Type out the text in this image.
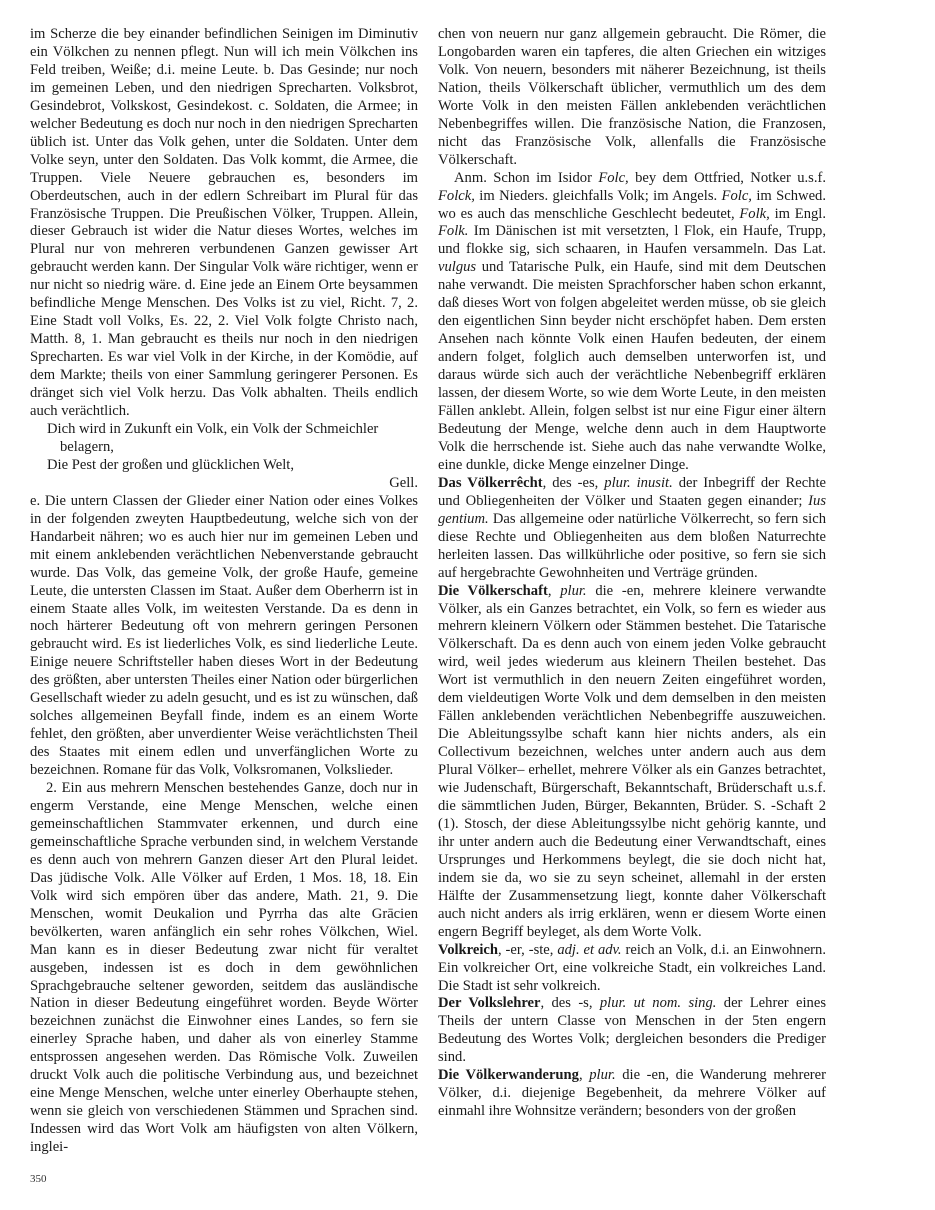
im Scherze die bey einander befindlichen Seinigen im Diminutiv ein Völkchen zu nennen pflegt. Nun will ich mein Völkchen ins Feld treiben, Weiße; d.i. meine Leute. b. Das Gesinde; nur noch im gemeinen Leben, und den niedrigen Sprecharten. Volksbrot, Gesindebrot, Volkskost, Gesindekost. c. Soldaten, die Armee; in welcher Bedeutung es doch nur noch in den niedrigen Sprecharten üblich ist. Unter das Volk gehen, unter die Soldaten. Unter dem Volke seyn, unter den Soldaten. Das Volk kommt, die Armee, die Truppen. Viele Neuere gebrauchen es, besonders im Oberdeutschen, auch in der edlern Schreibart im Plural für das Französische Truppen. Die Preußischen Völker, Truppen. Allein, dieser Gebrauch ist wider die Natur dieses Wortes, welches im Plural nur von mehreren verbundenen Ganzen gewisser Art gebraucht werden kann. Der Singular Volk wäre richtiger, wenn er nur nicht so niedrig wäre. d. Eine jede an Einem Orte beysammen befindliche Menge Menschen. Des Volks ist zu viel, Richt. 7, 2. Eine Stadt voll Volks, Es. 22, 2. Viel Volk folgte Christo nach, Matth. 8, 1. Man gebraucht es theils nur noch in den niedrigen Sprecharten. Es war viel Volk in der Kirche, in der Komödie, auf dem Markte; theils von einer Sammlung geringerer Personen. Es dränget sich viel Volk herzu. Das Volk abhalten. Theils endlich auch verächtlich.

Dich wird in Zukunft ein Volk, ein Volk der Schmeichler

belagern,

Die Pest der großen und glücklichen Welt,

Gell.

e. Die untern Classen der Glieder einer Nation oder eines Volkes in der folgenden zweyten Hauptbedeutung, welche sich von der Handarbeit nähren; wo es auch hier nur im gemeinen Leben und mit einem anklebenden verächtlichen Nebenverstande gebraucht wurde. Das Volk, das gemeine Volk, der große Haufe, gemeine Leute, die untersten Classen im Staat. Außer dem Oberherrn ist in einem Staate alles Volk, im weitesten Verstande. Da es denn in noch härterer Bedeutung oft von mehrern geringen Personen gebraucht wird. Es ist liederliches Volk, es sind liederliche Leute. Einige neuere Schriftsteller haben dieses Wort in der Bedeutung des größten, aber untersten Theiles einer Nation oder bürgerlichen Gesellschaft wieder zu adeln gesucht, und es ist zu wünschen, daß solches allgemeinen Beyfall finde, indem es an einem Worte fehlet, den größten, aber unverdienter Weise verächtlichsten Theil des Staates mit einem edlen und unverfänglichen Worte zu bezeichnen. Romane für das Volk, Volksromanen, Volkslieder.

2. Ein aus mehrern Menschen bestehendes Ganze, doch nur in engerm Verstande, eine Menge Menschen, welche einen gemeinschaftlichen Stammvater erkennen, und durch eine gemeinschaftliche Sprache verbunden sind, in welchem Verstande es denn auch von mehrern Ganzen dieser Art den Plural leidet. Das jüdische Volk. Alle Völker auf Erden, 1 Mos. 18, 18. Ein Volk wird sich empören über das andere, Math. 21, 9. Die Menschen, womit Deukalion und Pyrrha das alte Grācien bevölkerten, waren anfänglich ein sehr rohes Völkchen, Wiel. Man kann es in dieser Bedeutung zwar nicht für veraltet ausgeben, indessen ist es doch in dem gewöhnlichen Sprachgebrauche seltener geworden, seitdem das ausländische Nation in dieser Bedeutung eingeführet worden. Beyde Wörter bezeichnen zunächst die Einwohner eines Landes, so fern sie einerley Sprache haben, und daher als von einerley Stamme entsprossen angesehen werden. Das Römische Volk. Zuweilen druckt Volk auch die politische Verbindung aus, und bezeichnet eine Menge Menschen, welche unter einerley Oberhaupte stehen, wenn sie gleich von verschiedenen Stämmen und Sprachen sind. Indessen wird das Wort Volk am häufigsten von alten Völkern, inglei-

chen von neuern nur ganz allgemein gebraucht. Die Römer, die Longobarden waren ein tapferes, die alten Griechen ein witziges Volk. Von neuern, besonders mit näherer Bezeichnung, ist theils Nation, theils Völkerschaft üblicher, vermuthlich um des dem Worte Volk in den meisten Fällen anklebenden verächtlichen Nebenbegriffes willen. Die französische Nation, die Franzosen, nicht das Französische Volk, allenfalls die Französische Völkerschaft.

Anm. Schon im Isidor Folc, bey dem Ottfried, Notker u.s.f. Folck, im Nieders. gleichfalls Volk; im Angels. Folc, im Schwed. wo es auch das menschliche Geschlecht bedeutet, Folk, im Engl. Folk. Im Dänischen ist mit versetzten, l Flok, ein Haufe, Trupp, und flokke sig, sich schaaren, in Haufen versammeln. Das Lat. vulgus und Tatarische Pulk, ein Haufe, sind mit dem Deutschen nahe verwandt. Die meisten Sprachforscher haben schon erkannt, daß dieses Wort von folgen abgeleitet werden müsse, ob sie gleich den eigentlichen Sinn beyder nicht erschöpfet haben. Dem ersten Ansehen nach könnte Volk einen Haufen bedeuten, der einem andern folget, folglich auch demselben unterworfen ist, und daraus würde sich auch der verächtliche Nebenbegriff erklären lassen, der diesem Worte, so wie dem Worte Leute, in den meisten Fällen anklebt. Allein, folgen selbst ist nur eine Figur einer ältern Bedeutung der Menge, welche denn auch in dem Hauptworte Volk die herrschende ist. Siehe auch das nahe verwandte Wolke, eine dunkle, dicke Menge einzelner Dinge.

Das Völkerrêcht, des -es, plur. inusit. der Inbegriff der Rechte und Obliegenheiten der Völker und Staaten gegen einander; Ius gentium. Das allgemeine oder natürliche Völkerrecht, so fern sich diese Rechte und Obliegenheiten aus dem bloßen Naturrechte herleiten lassen. Das willkührliche oder positive, so fern sie sich auf hergebrachte Gewohnheiten und Verträge gründen.

Die Völkerschaft, plur. die -en, mehrere kleinere verwandte Völker, als ein Ganzes betrachtet, ein Volk, so fern es wieder aus mehrern kleinern Völkern oder Stämmen bestehet. Die Tatarische Völkerschaft. Da es denn auch von einem jeden Volke gebraucht wird, weil jedes wiederum aus kleinern Theilen bestehet. Das Wort ist vermuthlich in den neuern Zeiten eingeführet worden, dem vieldeutigen Worte Volk und dem demselben in den meisten Fällen anklebenden verächtlichen Nebenbegriffe auszuweichen. Die Ableitungssylbe schaft kann hier nichts anders, als ein Collectivum bezeichnen, welches unter andern auch aus dem Plural Völker– erhellet, mehrere Völker als ein Ganzes betrachtet, wie Judenschaft, Bürgerschaft, Bekanntschaft, Brüderschaft u.s.f. die sämmtlichen Juden, Bürger, Bekannten, Brüder. S. -Schaft 2 (1). Stosch, der diese Ableitungssylbe nicht gehörig kannte, und ihr unter andern auch die Bedeutung einer Verwandtschaft, eines Ursprunges und Herkommens beylegt, die sie doch nicht hat, indem sie da, wo sie zu seyn scheinet, allemahl in der ersten Hälfte der Zusammensetzung liegt, konnte daher Völkerschaft auch nicht anders als irrig erklären, wenn er diesem Worte einen engern Begriff beyleget, als dem Worte Volk.

Volkreich, -er, -ste, adj. et adv. reich an Volk, d.i. an Einwohnern. Ein volkreicher Ort, eine volkreiche Stadt, ein volkreiches Land. Die Stadt ist sehr volkreich.

Der Volkslehrer, des -s, plur. ut nom. sing. der Lehrer eines Theils der untern Classe von Menschen in der 5ten engern Bedeutung des Wortes Volk; dergleichen besonders die Prediger sind.

Die Völkerwanderung, plur. die -en, die Wanderung mehrerer Völker, d.i. diejenige Begebenheit, da mehrere Völker auf einmahl ihre Wohnsitze verändern; besonders von der großen

350
